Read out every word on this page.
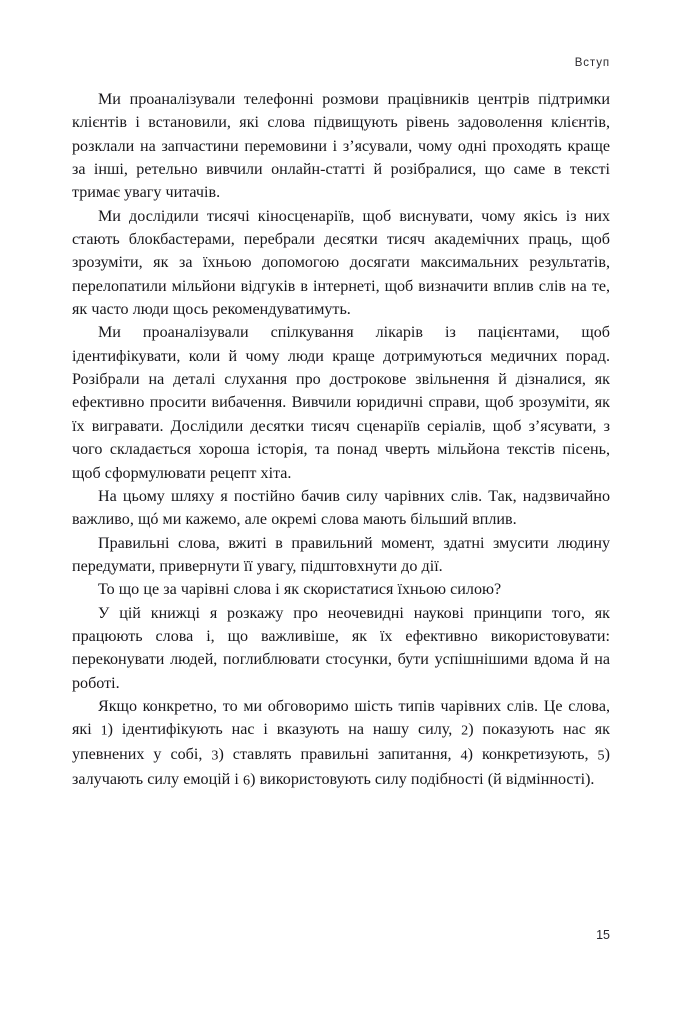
Вступ

Ми проаналізували телефонні розмови працівників центрів підтримки клієнтів і встановили, які слова підвищують рівень задоволення клієнтів, розклали на запчастини перемовини і з’ясували, чому одні проходять краще за інші, ретельно вивчили онлайн-статті й розібралися, що саме в тексті тримає увагу читачів.

Ми дослідили тисячі кіносценаріїв, щоб виснувати, чому якісь із них стають блокбастерами, перебрали десятки тисяч академічних праць, щоб зрозуміти, як за їхньою допомогою досягати максимальних результатів, перелопатили мільйони відгуків в інтернеті, щоб визначити вплив слів на те, як часто люди щось рекомендуватимуть.

Ми проаналізували спілкування лікарів із пацієнтами, щоб ідентифікувати, коли й чому люди краще дотримуються медичних порад. Розібрали на деталі слухання про дострокове звільнення й дізналися, як ефективно просити вибачення. Вивчили юридичні справи, щоб зрозуміти, як їх вигравати. Дослідили десятки тисяч сценаріїв серіалів, щоб з’ясувати, з чого складається хороша історія, та понад чверть мільйона текстів пісень, щоб сформулювати рецепт хіта.

На цьому шляху я постійно бачив силу чарівних слів. Так, надзвичайно важливо, щó ми кажемо, але окремі слова мають більший вплив.

Правильні слова, вжиті в правильний момент, здатні змусити людину передумати, привернути її увагу, підштовхнути до дії.

То що це за чарівні слова і як скористатися їхньою силою?

У цій книжці я розкажу про неочевидні наукові принципи того, як працюють слова і, що важливіше, як їх ефективно використовувати: переконувати людей, поглиблювати стосунки, бути успішнішими вдома й на роботі.

Якщо конкретно, то ми обговоримо шість типів чарівних слів. Це слова, які 1) ідентифікують нас і вказують на нашу силу, 2) показують нас як упевнених у собі, 3) ставлять правильні запитання, 4) конкретизують, 5) залучають силу емоцій і 6) використовують силу подібності (й відмінності).

15
